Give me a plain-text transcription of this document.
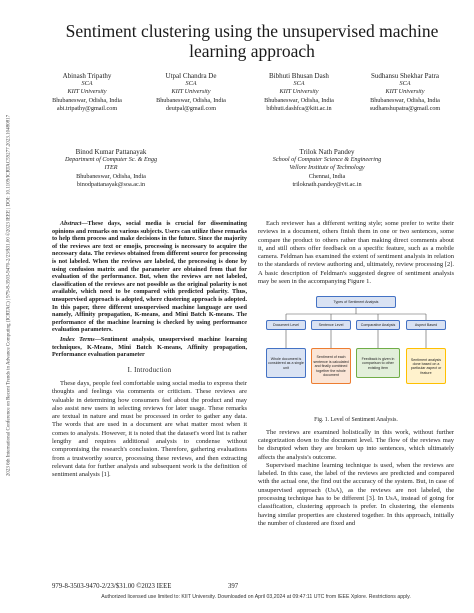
2023 6th International Conference on Recent Trends in Advance Computing (ICRTAC) | 979-8-3503-9470-2/23/$31.00 ©2023 IEEE | DOI: 10.1109/ICRTAC59277.2023.10480817
Sentiment clustering using the unsupervised machine learning approach
Abinash Tripathy
SCA
KIIT University
Bhubaneswar, Odisha, India
abi.tripathy@gmail.com
Utpal Chandra De
SCA
KIIT University
Bhubaneswar, Odisha, India
deutpal@gmail.com
Bibhuti Bhusan Dash
SCA
KIIT University
Bhubaneswar, Odisha, India
bibhuti.dashfca@kiit.ac.in
Sudhansu Shekhar Patra
SCA
KIIT University
Bhubaneswar, Odisha, India
sudhanshupatra@gmail.com
Binod Kumar Pattanayak
Department of Computer Sc. & Engg
ITER
Bhubaneswar, Odisha, India
binodpattanayak@soa.ac.in
Trilok Nath Pandey
School of Computer Science & Engineering
Vellore Institute of Technology
Chennai, India
triloknath.pandey@vit.ac.in

Abstract—These days, social media is crucial for disseminating opinions and remarks on various subjects. Users can utilize these remarks to help them process and make decisions in the future. Since the majority of the reviews are text or emojis, processing is necessary to acquire the necessary data. The reviews obtained from different source for processing is not labeled. When the reviews are labeled, the processing is done by using confusion matrix and the parameter are obtained from that for evaluation of the performance. But, when the reviews are not labeled, classification of the reviews are not possible as the original polarity is not available, which need to be compared with predicted polarity. Thus, unsupervised approach is adopted, where clustering approach is adopted. In this paper, three different unsupervised machine language are used namely, Affinity propagation, K-means, and Mini Batch K-means. The performance of the machine learning is checked by using performance evaluation parameters.

Index Terms—Sentiment analysis, unsupervised machine learning techniques, K-Means, Mini Batch K-means, Affinity propagation, Performance evaluation parameter

I. Introduction

These days, people feel comfortable using social media to express their thoughts and feelings via comments or criticism. These reviews are valuable in determining how consumers feel about the product and may also assist new users in selecting reviews for later usage. These remarks are textual in nature and must be processed in order to gather any data. The words that are used in a document are what matter most when it comes to analysis. However, it is noted that the dataset's word list is rather lengthy and requires additional analysis to condense without compromising the research's conclusion. Therefore, gathering evaluations from a trustworthy source, processing these reviews, and then extracting relevant data for further analysis and subsequent work is the definition of sentiment analysis [1].

Each reviewer has a different writing style; some prefer to write their reviews in a document, others finish them in one or two sentences, some compare the product to others rather than making direct comments about it, and still others offer feedback on a specific feature, such as a mobile camera. Feldman has examined the extent of sentiment analysis in relation to the standards of review authoring and, ultimately, review processing [2]. A basic description of Feldman's suggested degree of sentiment analysis may be seen in the accompanying Figure 1.

Types of Sentiment Analysis
Document Level	Sentence Level	Comparative Analysis	Aspect Based
Whole document is considered as a single unit
Sentiment of each sentence is calculated and finally combined together the whole document
Feedback is given in comparison to other existing item
Sentiment analysis done based on a particular aspect or feature
Fig. 1. Level of Sentiment Analysis.

The reviews are examined holistically in this work, without further categorization down to the document level. The flow of the reviews may be disrupted when they are broken up into sentences, which ultimately affects the analysis's outcome.

Supervised machine learning technique is used, when the reviews are labeled. In this case, the label of the reviews are predicted and compared with the actual one, the find out the accuracy of the system. But, in case of unsupervised approach (UsA), as the reviews are not labeled, the processing technique has to be different [3]. In UsA, instead of going for classification, clustering approach is prefer. In clustering, the elements having similar properties are clustered together. In this approach, initially the number of clustered are fixed and

979-8-3503-9470-2/23/$31.00 ©2023 IEEE	397
Authorized licensed use limited to: KIIT University. Downloaded on April 03,2024 at 09:47:11 UTC from IEEE Xplore. Restrictions apply.
